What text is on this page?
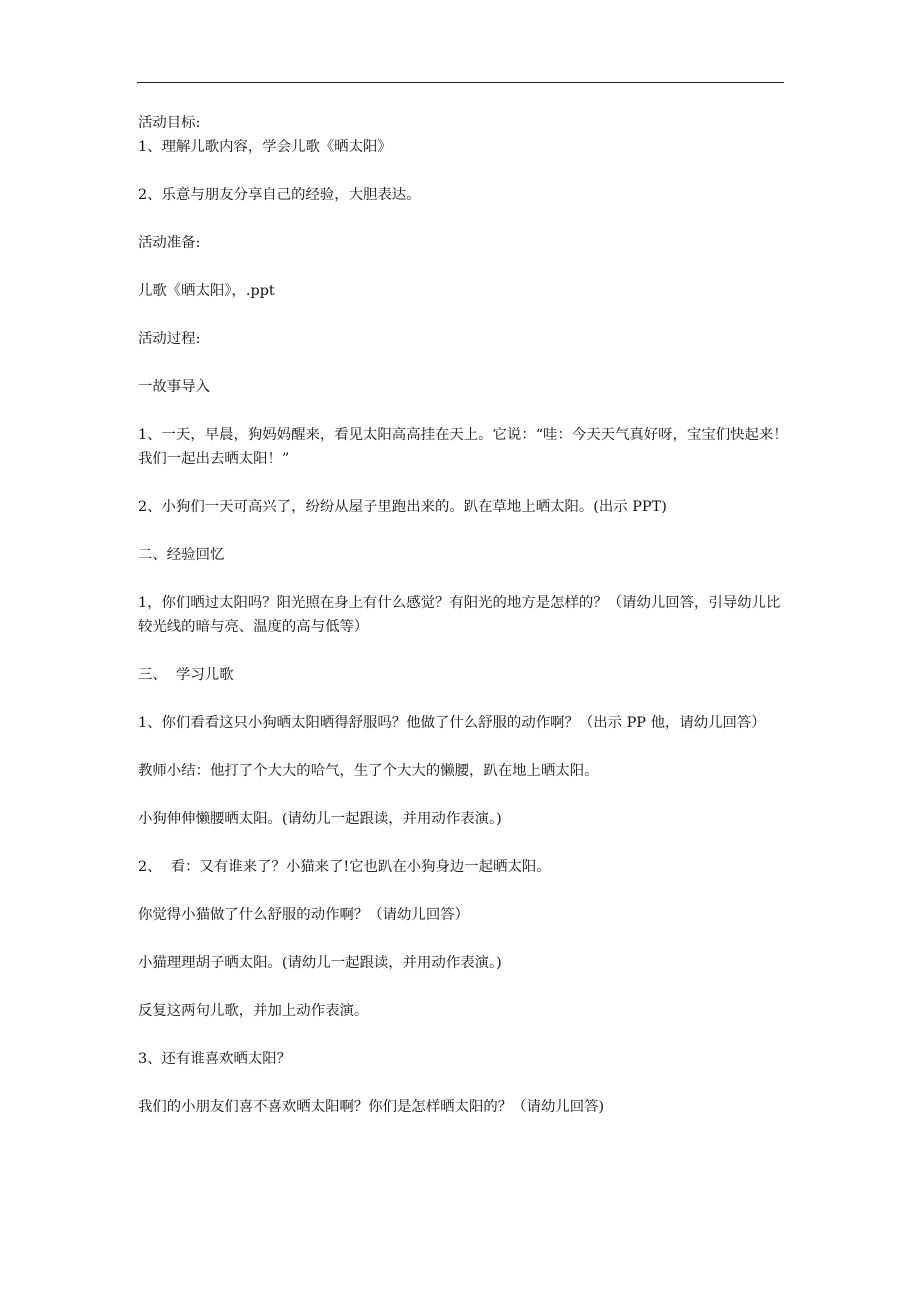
活动目标:

1、理解儿歌内容，学会儿歌《晒太阳》

2、乐意与朋友分享自己的经验，大胆表达。

活动准备:

儿歌《晒太阳》，.ppt

活动过程:

一故事导入

1、一天，早晨，狗妈妈醒来，看见太阳高高挂在天上。它说：“哇：今天天气真好呀，宝宝们快起来！我们一起出去晒太阳！”

2、小狗们一天可高兴了，纷纷从屋子里跑出来的。趴在草地上晒太阳。(出示 PPT)

二、经验回忆

1，你们晒过太阳吗？阳光照在身上有什么感觉？有阳光的地方是怎样的？（请幼儿回答，引导幼儿比较光线的暗与亮、温度的高与低等）

三、  学习儿歌

1、你们看看这只小狗晒太阳晒得舒服吗？他做了什么舒服的动作啊？（出示 PP 他，请幼儿回答）

教师小结：他打了个大大的哈气，生了个大大的懒腰，趴在地上晒太阳。

小狗伸伸懒腰晒太阳。(请幼儿一起跟读，并用动作表演。)

2、  看：又有谁来了？小猫来了!它也趴在小狗身边一起晒太阳。

你觉得小猫做了什么舒服的动作啊？（请幼儿回答）

小猫理理胡子晒太阳。(请幼儿一起跟读，并用动作表演。)

反复这两句儿歌，并加上动作表演。

3、还有谁喜欢晒太阳？

我们的小朋友们喜不喜欢晒太阳啊？你们是怎样晒太阳的？（请幼儿回答)
